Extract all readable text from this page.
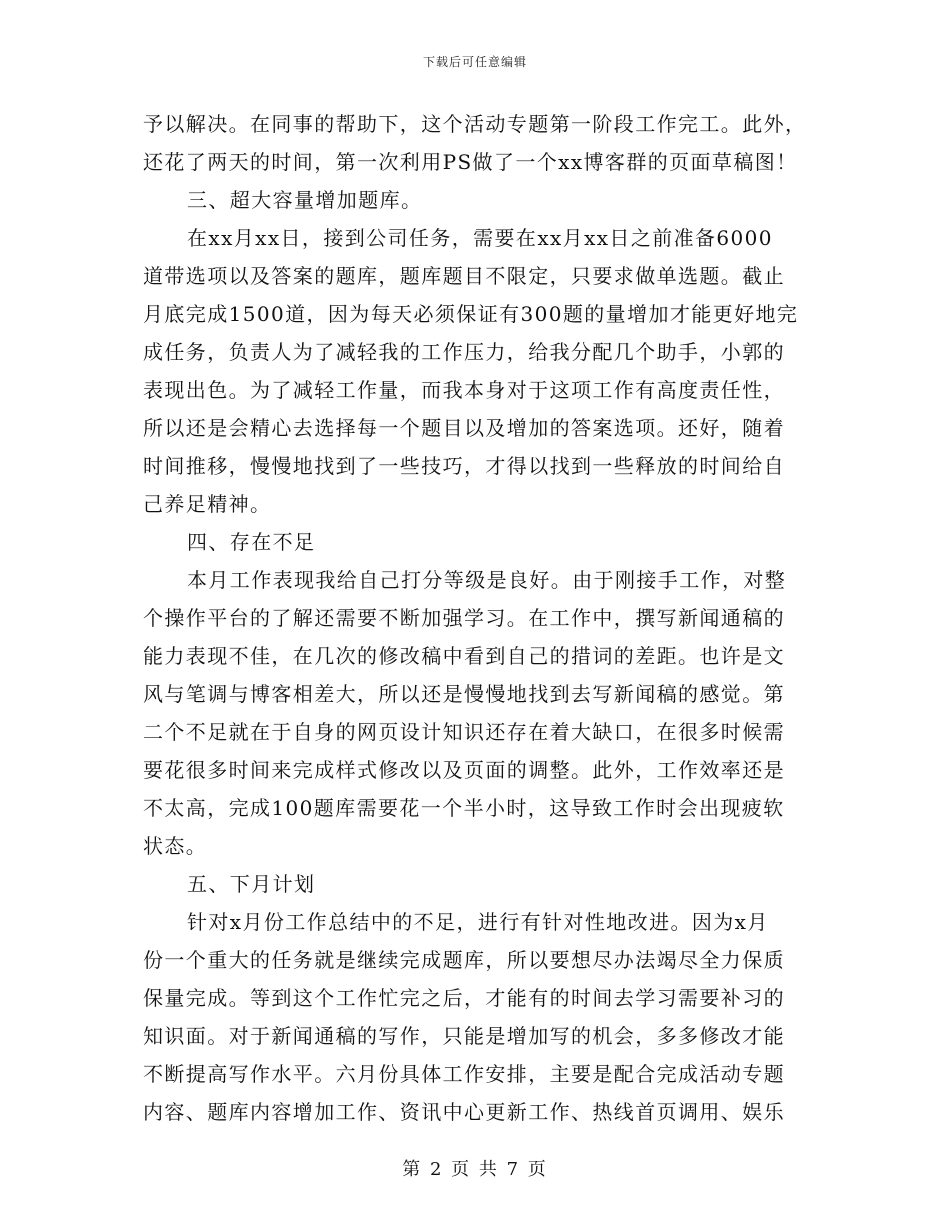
下载后可任意编辑
予以解决。在同事的帮助下，这个活动专题第一阶段工作完工。此外，
还花了两天的时间，第一次利用PS做了一个xx博客群的页面草稿图！
三、超大容量增加题库。
在xx月xx日，接到公司任务，需要在xx月xx日之前准备6000
道带选项以及答案的题库，题库题目不限定，只要求做单选题。截止
月底完成1500道，因为每天必须保证有300题的量增加才能更好地完
成任务，负责人为了减轻我的工作压力，给我分配几个助手，小郭的
表现出色。为了减轻工作量，而我本身对于这项工作有高度责任性，
所以还是会精心去选择每一个题目以及增加的答案选项。还好，随着
时间推移，慢慢地找到了一些技巧，才得以找到一些释放的时间给自
己养足精神。
四、存在不足
本月工作表现我给自己打分等级是良好。由于刚接手工作，对整
个操作平台的了解还需要不断加强学习。在工作中，撰写新闻通稿的
能力表现不佳，在几次的修改稿中看到自己的措词的差距。也许是文
风与笔调与博客相差大，所以还是慢慢地找到去写新闻稿的感觉。第
二个不足就在于自身的网页设计知识还存在着大缺口，在很多时候需
要花很多时间来完成样式修改以及页面的调整。此外，工作效率还是
不太高，完成100题库需要花一个半小时，这导致工作时会出现疲软
状态。
五、下月计划
针对x月份工作总结中的不足，进行有针对性地改进。因为x月
份一个重大的任务就是继续完成题库，所以要想尽办法竭尽全力保质
保量完成。等到这个工作忙完之后，才能有的时间去学习需要补习的
知识面。对于新闻通稿的写作，只能是增加写的机会，多多修改才能
不断提高写作水平。六月份具体工作安排，主要是配合完成活动专题
内容、题库内容增加工作、资讯中心更新工作、热线首页调用、娱乐
第 2 页 共 7 页
